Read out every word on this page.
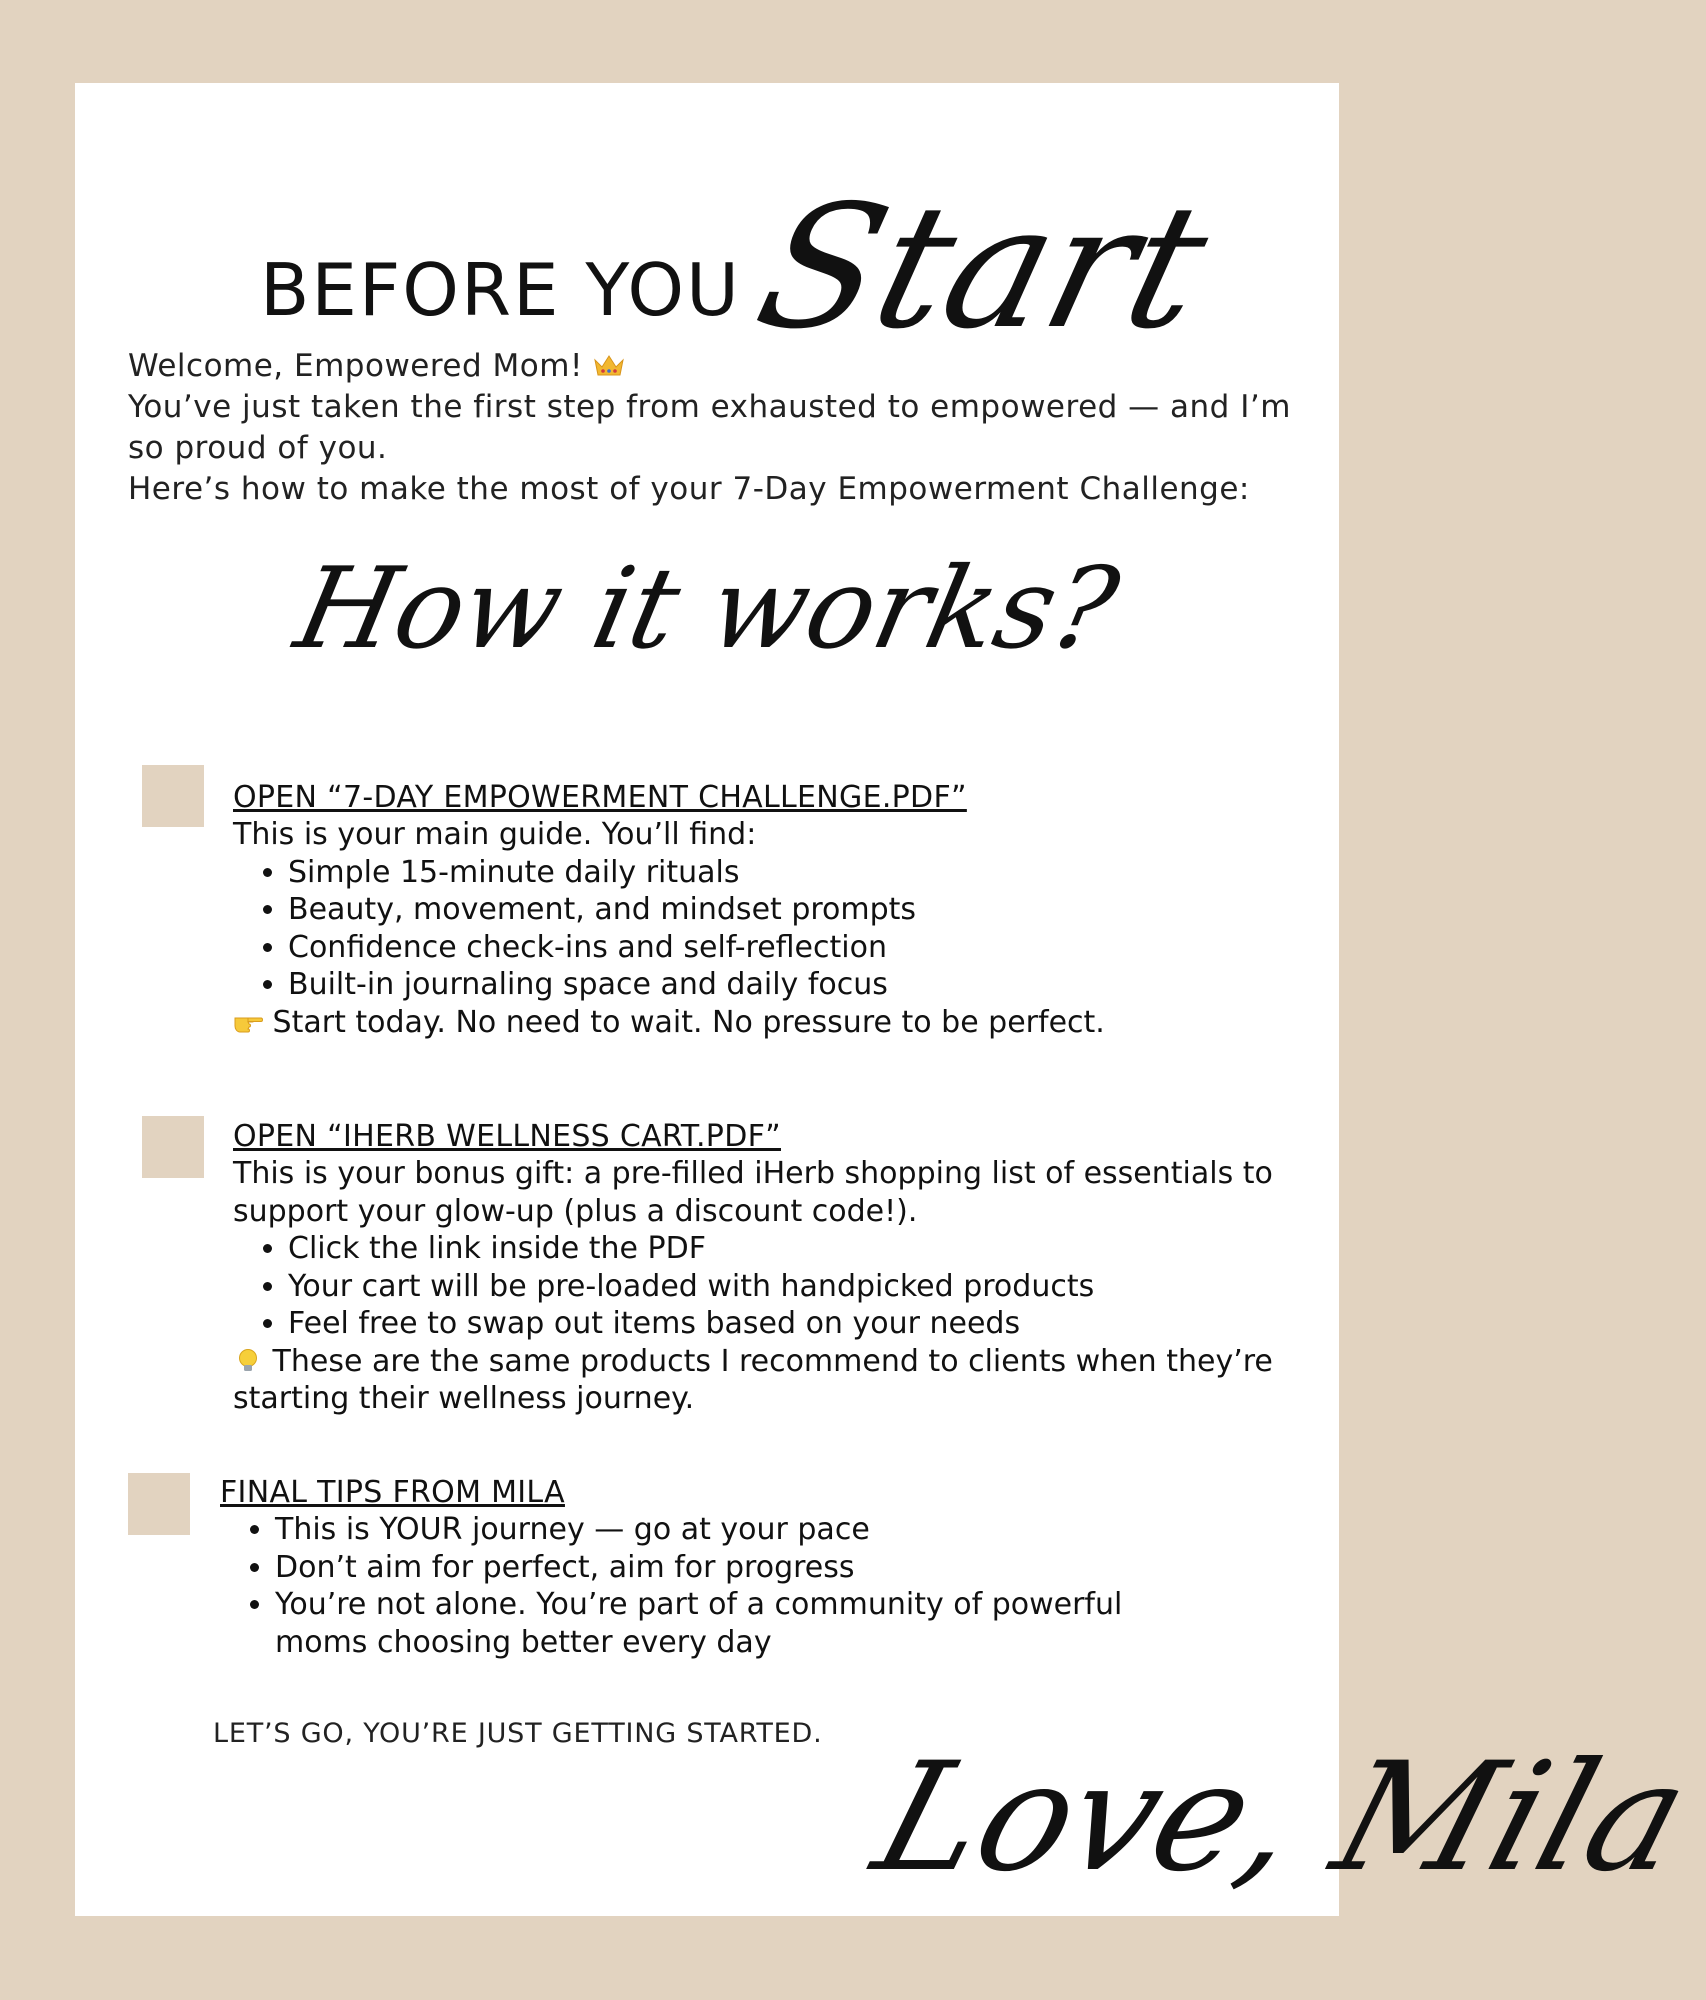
BEFORE YOU Start

Welcome, Empowered Mom!

You’ve just taken the first step from exhausted to empowered — and I’m so proud of you.

Here’s how to make the most of your 7-Day Empowerment Challenge:

How it works?
OPEN “7-DAY EMPOWERMENT CHALLENGE.PDF”

This is your main guide. You’ll find:

• Simple 15-minute daily rituals
• Beauty, movement, and mindset prompts
• Confidence check-ins and self-reflection
• Built-in journaling space and daily focus

Start today. No need to wait. No pressure to be perfect.

OPEN “IHERB WELLNESS CART.PDF”

This is your bonus gift: a pre-filled iHerb shopping list of essentials to support your glow-up (plus a discount code!).

• Click the link inside the PDF
• Your cart will be pre-loaded with handpicked products
• Feel free to swap out items based on your needs

These are the same products I recommend to clients when they’re starting their wellness journey.

FINAL TIPS FROM MILA
• This is YOUR journey — go at your pace
• Don’t aim for perfect, aim for progress
• You’re not alone. You’re part of a community of powerful moms choosing better every day
LET’S GO, YOU’RE JUST GETTING STARTED. Love, Mila
